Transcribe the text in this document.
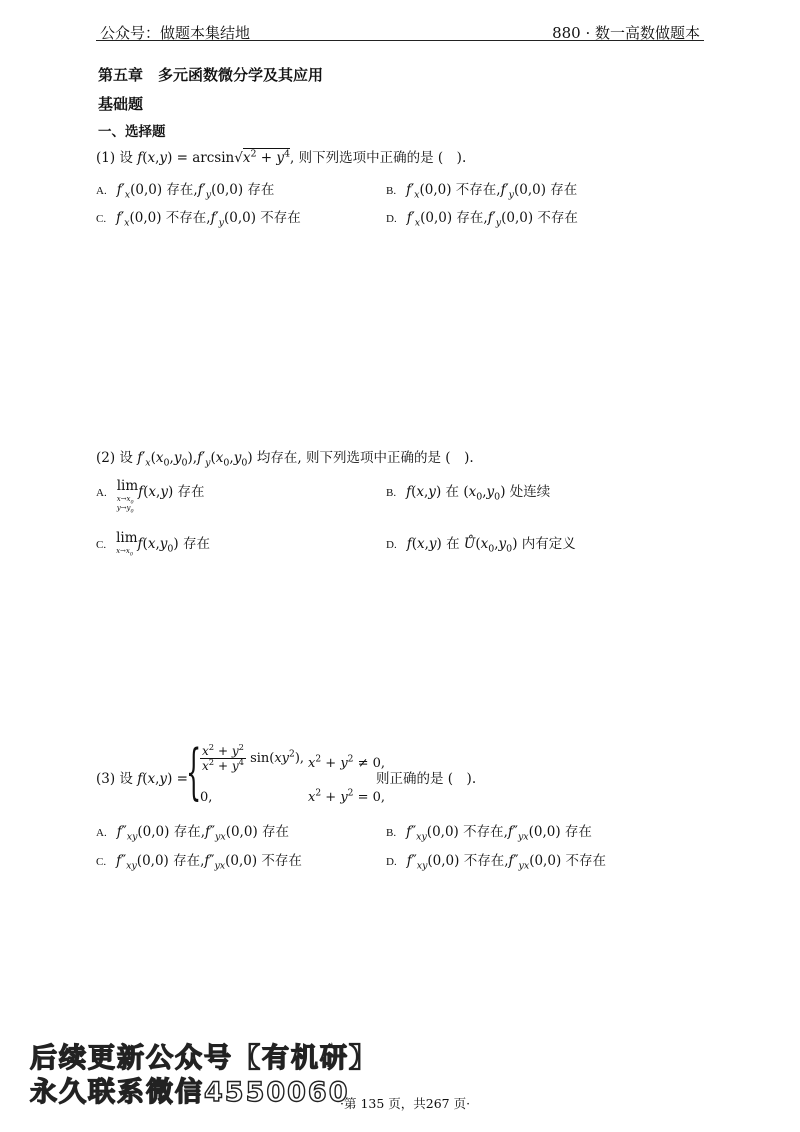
公众号：做题本集结地	880 · 数一高数做题本
第五章　多元函数微分学及其应用
基础题
一、选择题
(1) 设 $f(x,y) = \arcsin√x^2 + y^4$, 则下列选项中正确的是 (　).
A. $f'_x(0,0)$ 存在$,f'_y(0,0)$ 存在	B. $f'_x(0,0)$ 不存在$,f'_y(0,0)$ 存在
C. $f'_x(0,0)$ 不存在$,f'_y(0,0)$ 不存在	D. $f'_x(0,0)$ 存在$,f'_y(0,0)$ 不存在
(2) 设 $f'_x(x_0,y_0),f'_y(x_0,y_0)$ 均存在, 则下列选项中正确的是 (　).
A. lim
$x\to x_0$
$y\to y_0$
f(x,y) 存在	B. f(x,y) 在 $(x_0,y_0)$ 处连续
C. lim
$x\to x_0$
$f(x,y_0)$ 存在	D. f(x,y) 在 $Ů(x_0,y_0)$ 内有定义
(3) 设 f(x,y) =
{
$\frac{x^2 + y^2}{x^2 + y^4} \sin(xy^2)$, $x^2 + y^2 \ne 0$,
0,	$x^2 + y^2 = 0$,
则正确的是 (　).
A. $f''_{xy}(0,0)$ 存在$,f''_{yx}(0,0)$ 存在	B. $f''_{xy}(0,0)$ 不存在$,f''_{yx}(0,0)$ 存在
C. $f''_{xy}(0,0)$ 存在$,f''_{yx}(0,0)$ 不存在	D. $f''_{xy}(0,0)$ 不存在$,f''_{yx}(0,0)$ 不存在
后续更新公众号【有机研】
永久联系微信4550060
·第 135 页，共267 页·
